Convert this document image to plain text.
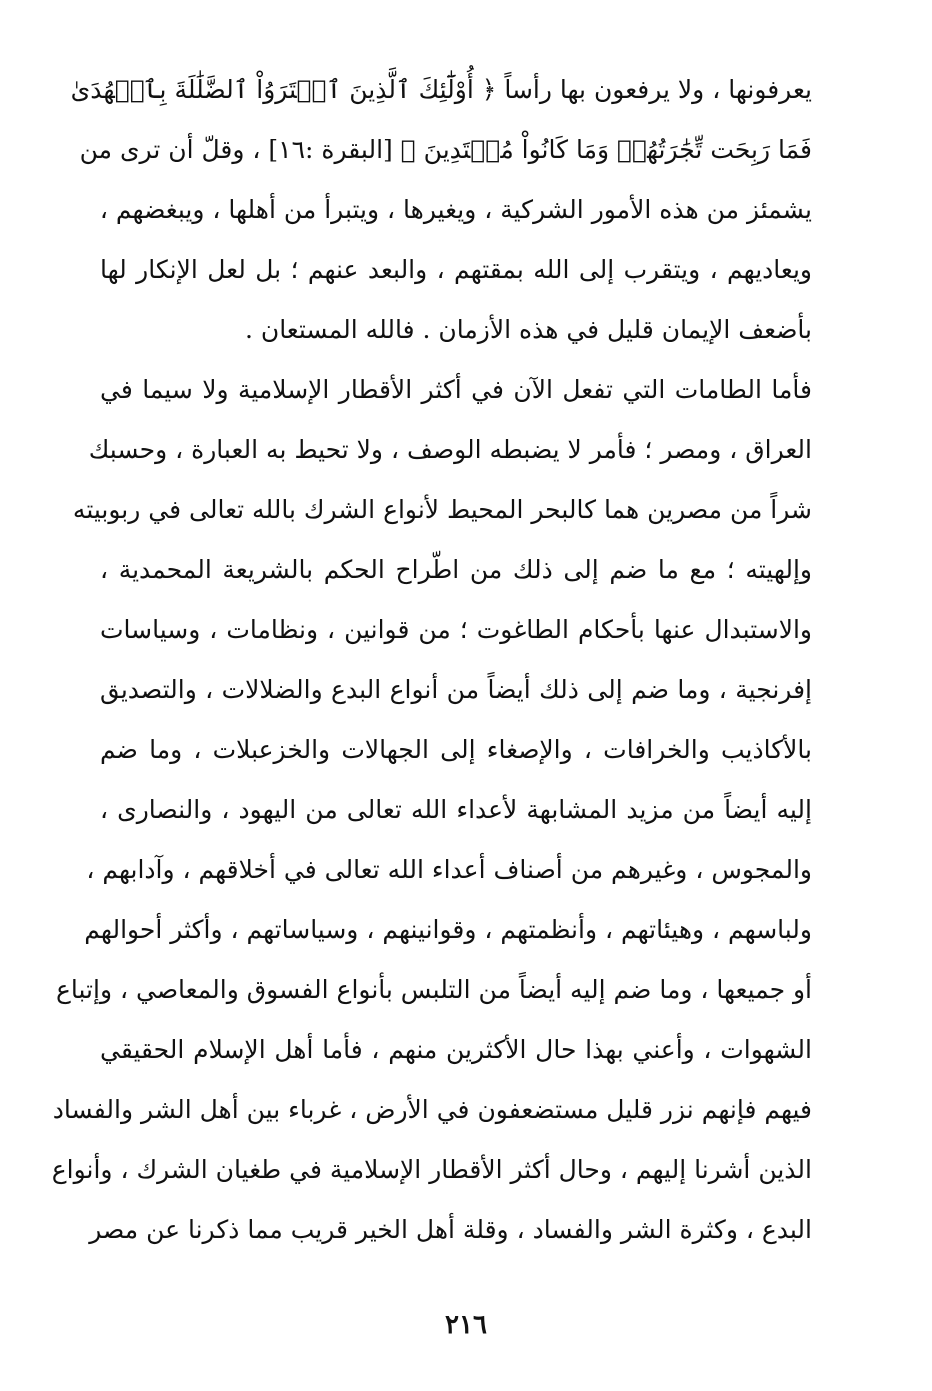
يعرفونها ، ولا يرفعون بها رأساً ﴿ أُوْلَٰٓئِكَ ٱلَّذِينَ ٱشۡتَرَوُاْ ٱلضَّلَٰلَةَ بِٱلۡهُدَىٰ
فَمَا رَبِحَت تِّجَٰرَتُهُمۡ وَمَا كَانُواْ مُهۡتَدِينَ ﴾ [البقرة :١٦] ، وقلّ أن ترى من
يشمئز من هذه الأمور الشركية ، ويغيرها ، ويتبرأ من أهلها ، ويبغضهم ،
ويعاديهم ، ويتقرب إلى الله بمقتهم ، والبعد عنهم ؛ بل لعل الإنكار لها
بأضعف الإيمان قليل في هذه الأزمان . فالله المستعان .
فأما الطامات التي تفعل الآن في أكثر الأقطار الإسلامية ولا سيما في
العراق ، ومصر ؛ فأمر لا يضبطه الوصف ، ولا تحيط به العبارة ، وحسبك
شراً من مصرين هما كالبحر المحيط لأنواع الشرك بالله تعالى في ربوبيته
وإلهيته ؛ مع ما ضم إلى ذلك من اطّراح الحكم بالشريعة المحمدية ،
والاستبدال عنها بأحكام الطاغوت ؛ من قوانين ، ونظامات ، وسياسات
إفرنجية ، وما ضم إلى ذلك أيضاً من أنواع البدع والضلالات ، والتصديق
بالأكاذيب والخرافات ، والإصغاء إلى الجهالات والخزعبلات ، وما ضم
إليه أيضاً من مزيد المشابهة لأعداء الله تعالى من اليهود ، والنصارى ،
والمجوس ، وغيرهم من أصناف أعداء الله تعالى في أخلاقهم ، وآدابهم ،
ولباسهم ، وهيئاتهم ، وأنظمتهم ، وقوانينهم ، وسياساتهم ، وأكثر أحوالهم
أو جميعها ، وما ضم إليه أيضاً من التلبس بأنواع الفسوق والمعاصي ، وإتباع
الشهوات ، وأعني بهذا حال الأكثرين منهم ، فأما أهل الإسلام الحقيقي
فيهم فإنهم نزر قليل مستضعفون في الأرض ، غرباء بين أهل الشر والفساد
الذين أشرنا إليهم ، وحال أكثر الأقطار الإسلامية في طغيان الشرك ، وأنواع
البدع ، وكثرة الشر والفساد ، وقلة أهل الخير قريب مما ذكرنا عن مصر
٢١٦
